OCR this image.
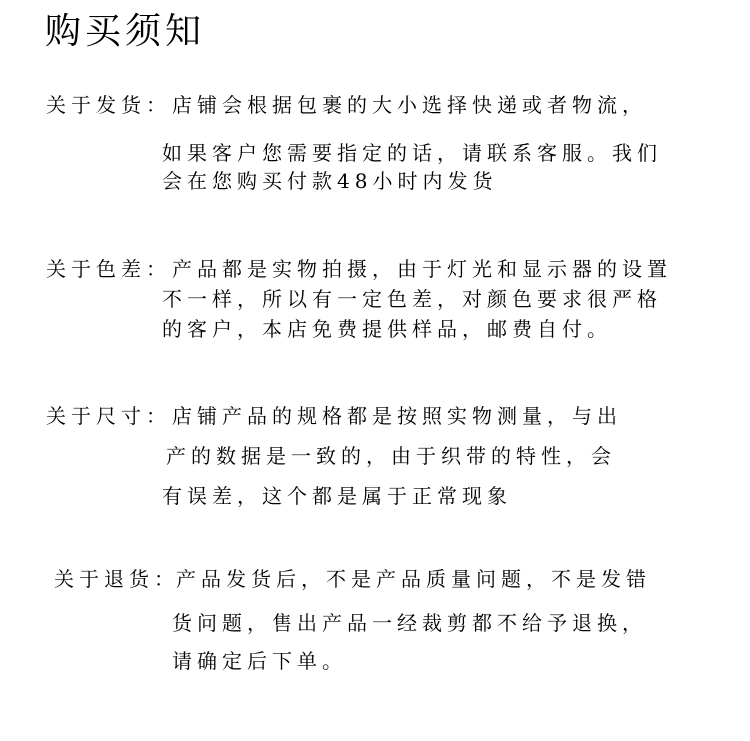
购买须知
关于发货： 店铺会根据包裹的大小选择快递或者物流，
如果客户您需要指定的话，请联系客服。我们
会在您购买付款48小时内发货
关于色差： 产品都是实物拍摄，由于灯光和显示器的设置
不一样，所以有一定色差，对颜色要求很严格
的客户，本店免费提供样品，邮费自付。
关于尺寸： 店铺产品的规格都是按照实物测量，与出
产的数据是一致的，由于织带的特性，会
有误差，这个都是属于正常现象
关于退货：
产品发货后，不是产品质量问题，不是发错
货问题，售出产品一经裁剪都不给予退换，
请确定后下单。
